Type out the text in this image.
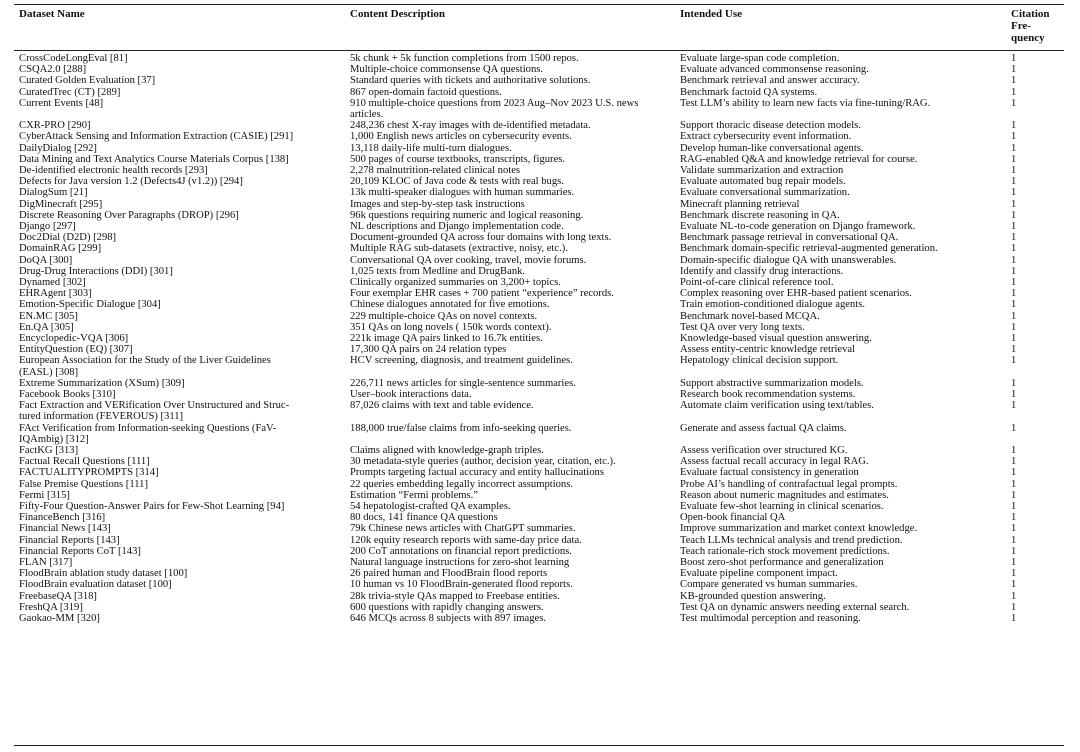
Dataset Name	Content Description	Intended Use	Citation
Fre-
quency
CrossCodeLongEval [81]	5k chunk + 5k function completions from 1500 repos.	Evaluate large-span code completion.	1
CSQA2.0 [288]	Multiple-choice commonsense QA questions.	Evaluate advanced commonsense reasoning.	1
Curated Golden Evaluation [37]	Standard queries with tickets and authoritative solutions.	Benchmark retrieval and answer accuracy.	1
CuratedTrec (CT) [289]	867 open-domain factoid questions.	Benchmark factoid QA systems.	1
Current Events [48]	910 multiple-choice questions from 2023 Aug–Nov 2023 U.S. news
articles.
Test LLM’s ability to learn new facts via fine-tuning/RAG.	1
CXR-PRO [290]	248,236 chest X-ray images with de-identified metadata.	Support thoracic disease detection models.	1
CyberAttack Sensing and Information Extraction (CASIE) [291]	1,000 English news articles on cybersecurity events.	Extract cybersecurity event information.	1
DailyDialog [292]	13,118 daily-life multi-turn dialogues.	Develop human-like conversational agents.	1
Data Mining and Text Analytics Course Materials Corpus [138]	500 pages of course textbooks, transcripts, figures.	RAG-enabled Q&A and knowledge retrieval for course.	1
De-identified electronic health records [293]	2,278 malnutrition-related clinical notes	Validate summarization and extraction	1
Defects for Java version 1.2 (Defects4J (v1.2)) [294]	20,109 KLOC of Java code & tests with real bugs.	Evaluate automated bug repair models.	1
DialogSum [21]	13k multi-speaker dialogues with human summaries.	Evaluate conversational summarization.	1
DigMinecraft [295]	Images and step-by-step task instructions	Minecraft planning retrieval	1
Discrete Reasoning Over Paragraphs (DROP) [296]	96k questions requiring numeric and logical reasoning.	Benchmark discrete reasoning in QA.	1
Django [297]	NL descriptions and Django implementation code.	Evaluate NL-to-code generation on Django framework.	1
Doc2Dial (D2D) [298]	Document-grounded QA across four domains with long texts.	Benchmark passage retrieval in conversational QA.	1
DomainRAG [299]	Multiple RAG sub-datasets (extractive, noisy, etc.).	Benchmark domain-specific retrieval-augmented generation.	1
DoQA [300]	Conversational QA over cooking, travel, movie forums.	Domain-specific dialogue QA with unanswerables.	1
Drug-Drug Interactions (DDI) [301]	1,025 texts from Medline and DrugBank.	Identify and classify drug interactions.	1
Dynamed [302]	Clinically organized summaries on 3,200+ topics.	Point-of-care clinical reference tool.	1
EHRAgent [303]	Four exemplar EHR cases + 700 patient “experience” records.	Complex reasoning over EHR-based patient scenarios.	1
Emotion-Specific Dialogue [304]	Chinese dialogues annotated for five emotions.	Train emotion-conditioned dialogue agents.	1
EN.MC [305]	229 multiple-choice QAs on novel contexts.	Benchmark novel-based MCQA.	1
En.QA [305]	351 QAs on long novels ( 150k words context).	Test QA over very long texts.	1
Encyclopedic-VQA [306]	221k image QA pairs linked to 16.7k entities.	Knowledge-based visual question answering.	1
EntityQuestion (EQ) [307]	17,300 QA pairs on 24 relation types	Assess entity-centric knowledge retrieval	1
European Association for the Study of the Liver Guidelines
(EASL) [308]
HCV screening, diagnosis, and treatment guidelines.	Hepatology clinical decision support.	1
Extreme Summarization (XSum) [309]	226,711 news articles for single-sentence summaries.	Support abstractive summarization models.	1
Facebook Books [310]	User–book interactions data.	Research book recommendation systems.	1
Fact Extraction and VERification Over Unstructured and Struc-
tured information (FEVEROUS) [311]
87,026 claims with text and table evidence.	Automate claim verification using text/tables.	1
FAct Verification from Information-seeking Questions (FaV-
IQAmbig) [312]
188,000 true/false claims from info-seeking queries.	Generate and assess factual QA claims.	1
FactKG [313]	Claims aligned with knowledge-graph triples.	Assess verification over structured KG.	1
Factual Recall Questions [111]	30 metadata-style queries (author, decision year, citation, etc.).	Assess factual recall accuracy in legal RAG.	1
FACTUALITYPROMPTS [314]	Prompts targeting factual accuracy and entity hallucinations	Evaluate factual consistency in generation	1
False Premise Questions [111]	22 queries embedding legally incorrect assumptions.	Probe AI’s handling of contrafactual legal prompts.	1
Fermi [315]	Estimation “Fermi problems.”	Reason about numeric magnitudes and estimates.	1
Fifty-Four Question-Answer Pairs for Few-Shot Learning [94]	54 hepatologist-crafted QA examples.	Evaluate few-shot learning in clinical scenarios.	1
FinanceBench [316]	80 docs, 141 finance QA questions	Open-book financial QA	1
Financial News [143]	79k Chinese news articles with ChatGPT summaries.	Improve summarization and market context knowledge.	1
Financial Reports [143]	120k equity research reports with same-day price data.	Teach LLMs technical analysis and trend prediction.	1
Financial Reports CoT [143]	200 CoT annotations on financial report predictions.	Teach rationale-rich stock movement predictions.	1
FLAN [317]	Natural language instructions for zero-shot learning	Boost zero-shot performance and generalization	1
FloodBrain ablation study dataset [100]	26 paired human and FloodBrain flood reports	Evaluate pipeline component impact.	1
FloodBrain evaluation dataset [100]	10 human vs 10 FloodBrain-generated flood reports.	Compare generated vs human summaries.	1
FreebaseQA [318]	28k trivia-style QAs mapped to Freebase entities.	KB-grounded question answering.	1
FreshQA [319]	600 questions with rapidly changing answers.	Test QA on dynamic answers needing external search.	1
Gaokao-MM [320]	646 MCQs across 8 subjects with 897 images.	Test multimodal perception and reasoning.	1
